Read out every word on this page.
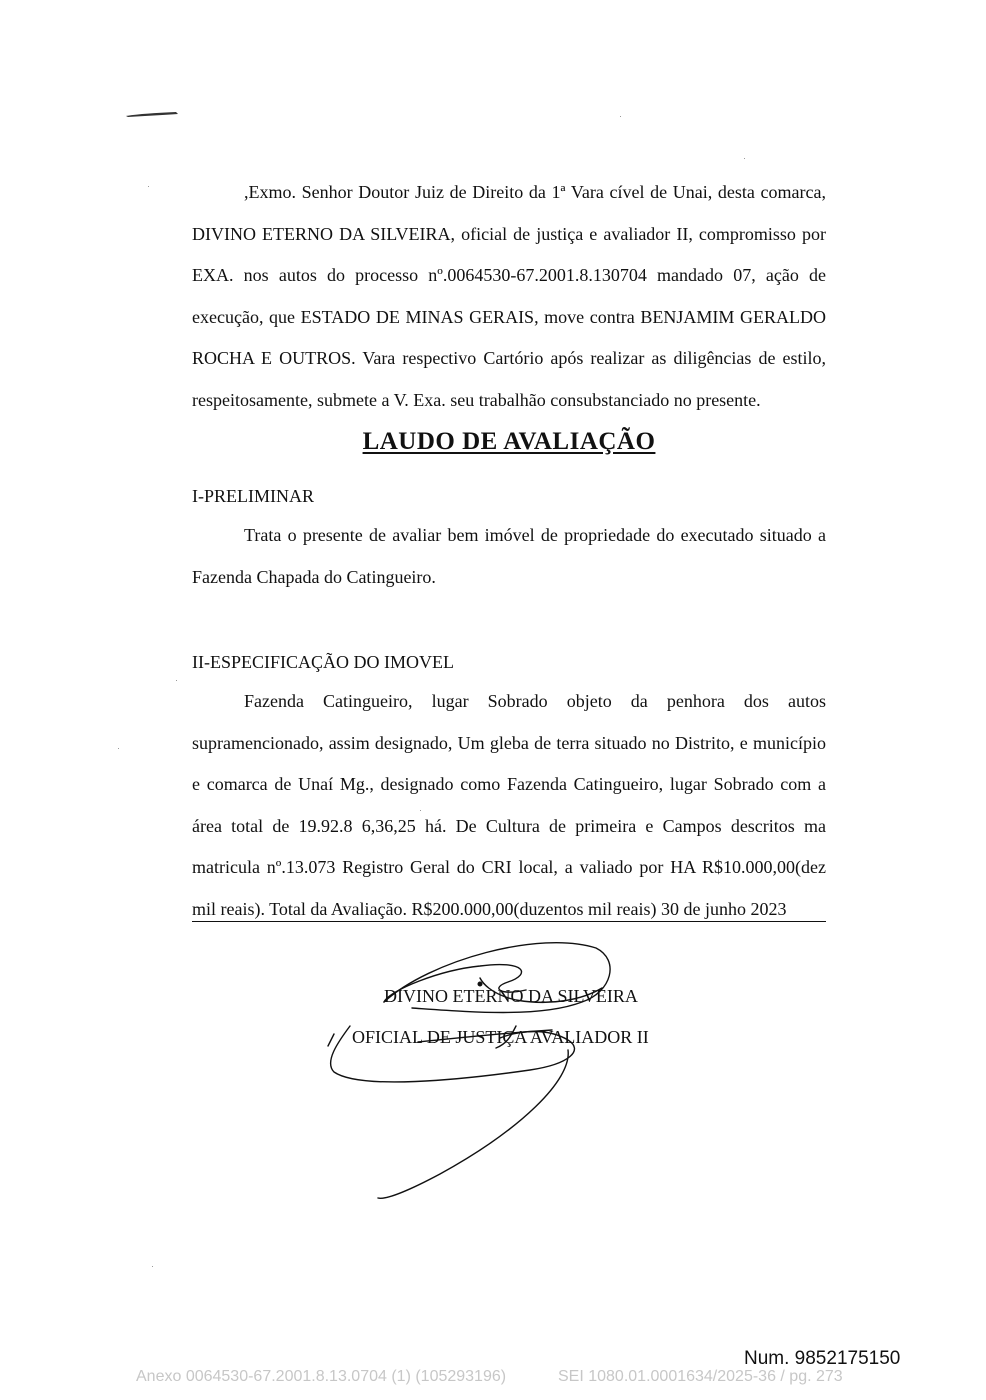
,Exmo. Senhor Doutor Juiz de Direito da 1ª Vara cível de Unai, desta comarca, DIVINO ETERNO DA SILVEIRA, oficial de justiça e avaliador II, compromisso por EXA. nos autos do processo nº.0064530-67.2001.8.130704 mandado 07, ação de execução, que ESTADO DE MINAS GERAIS, move contra BENJAMIM GERALDO ROCHA E OUTROS. Vara respectivo Cartório após realizar as diligências de estilo, respeitosamente, submete a V. Exa. seu trabalhão consubstanciado no presente.

LAUDO DE AVALIAÇÃO
I-PRELIMINAR

Trata o presente de avaliar bem imóvel de propriedade do executado situado a Fazenda Chapada do Catingueiro.

II-ESPECIFICAÇÃO DO IMOVEL

Fazenda Catingueiro, lugar Sobrado objeto da penhora dos autos supramencionado, assim designado, Um gleba de terra situado no Distrito, e município e comarca de Unaí Mg., designado como Fazenda Catingueiro, lugar Sobrado com a área total de 19.92.8 6,36,25 há. De Cultura de primeira e Campos descritos ma matricula nº.13.073 Registro Geral do CRI local, a valiado por HA R$10.000,00(dez mil reais). Total da Avaliação. R$200.000,00(duzentos mil reais) 30 de junho 2023

DIVINO ETERNO DA SILVEIRA
OFICIAL DE JUSTIÇA AVALIADOR II
Num. 9852175150
Anexo 0064530-67.2001.8.13.0704 (1) (105293196)	SEI 1080.01.0001634/2025-36 / pg. 273
